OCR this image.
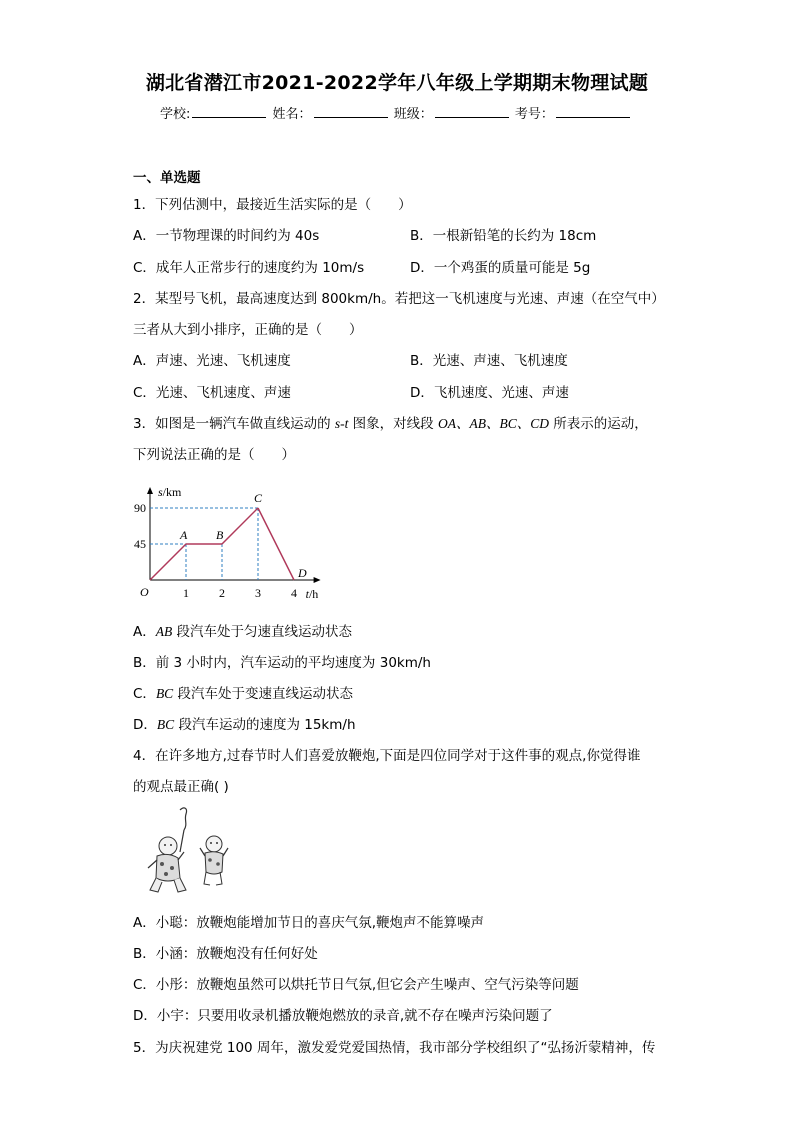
湖北省潜江市2021-2022学年八年级上学期期末物理试题
学校:	姓名：	班级：	考号：
一、单选题
1．下列估测中，最接近生活实际的是（　　）
A．一节物理课的时间约为 40s	B．一根新铅笔的长约为 18cm
C．成年人正常步行的速度约为 10m/s	D．一个鸡蛋的质量可能是 5g
2．某型号飞机，最高速度达到 800km/h。若把这一飞机速度与光速、声速（在空气中）
三者从大到小排序，正确的是（　　）
A．声速、光速、飞机速度	B．光速、声速、飞机速度
C．光速、飞机速度、声速	D．飞机速度、光速、声速
3．如图是一辆汽车做直线运动的 s-t 图象，对线段 OA、AB、BC、CD 所表示的运动，
下列说法正确的是（　　）
s/km
t/h
O	1	2	3	4
45
90
A B
C
D
A．AB 段汽车处于匀速直线运动状态
B．前 3 小时内，汽车运动的平均速度为 30km/h
C．BC 段汽车处于变速直线运动状态
D．BC 段汽车运动的速度为 15km/h
4．在许多地方,过春节时人们喜爱放鞭炮,下面是四位同学对于这件事的观点,你觉得谁
的观点最正确( )
A．小聪：放鞭炮能增加节日的喜庆气氛,鞭炮声不能算噪声
B．小涵：放鞭炮没有任何好处
C．小彤：放鞭炮虽然可以烘托节日气氛,但它会产生噪声、空气污染等问题
D．小宇：只要用收录机播放鞭炮燃放的录音,就不存在噪声污染问题了
5．为庆祝建党 100 周年，激发爱党爱国热情，我市部分学校组织了“弘扬沂蒙精神，传
